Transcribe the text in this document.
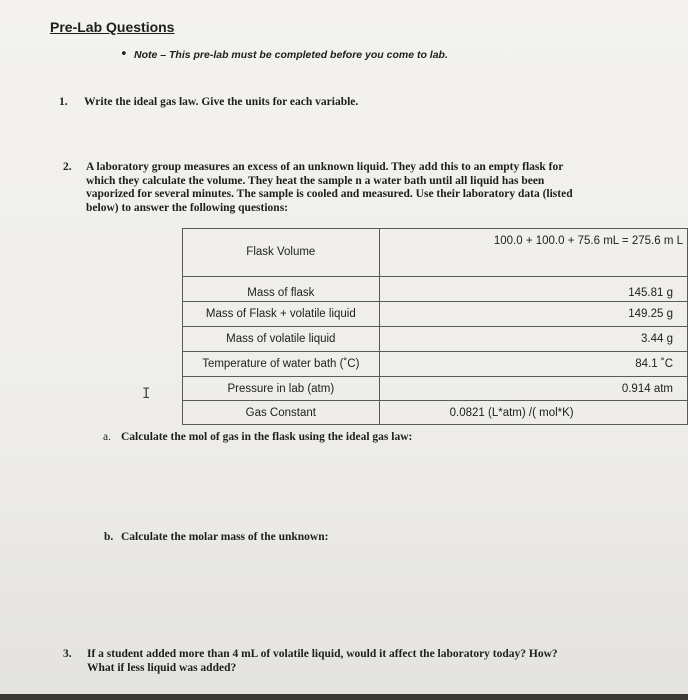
Pre-Lab Questions
• Note – This pre-lab must be completed before you come to lab.
1. Write the ideal gas law. Give the units for each variable.
2. A laboratory group measures an excess of an unknown liquid. They add this to an empty flask for
which they calculate the volume. They heat the sample n a water bath until all liquid has been
vaporized for several minutes. The sample is cooled and measured. Use their laboratory data (listed
below) to answer the following questions:
Flask Volume	100.0 + 100.0 + 75.6 mL = 275.6 m L
Mass of flask	145.81 g
Mass of Flask + volatile liquid	149.25 g
Mass of volatile liquid	3.44 g
Temperature of water bath (˚C)	84.1 ˚C
Pressure in lab (atm)	0.914 atm
Gas Constant	0.0821 (L*atm) /( mol*K)
I
a. Calculate the mol of gas in the flask using the ideal gas law:
b. Calculate the molar mass of the unknown:
3. If a student added more than 4 mL of volatile liquid, would it affect the laboratory today? How?
What if less liquid was added?
